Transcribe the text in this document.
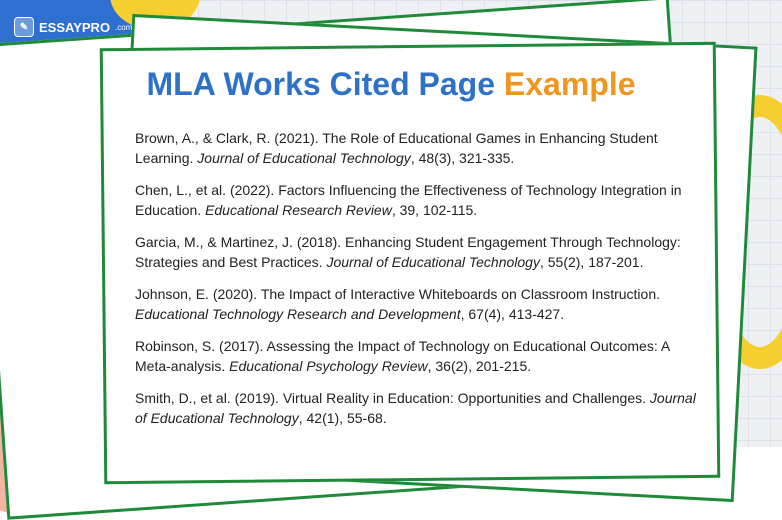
✎ ESSAYPRO .com
MLA Works Cited Page Example

Brown, A., & Clark, R. (2021). The Role of Educational Games in Enhancing Student Learning. Journal of Educational Technology, 48(3), 321-335.

Chen, L., et al. (2022). Factors Influencing the Effectiveness of Technology Integration in Education. Educational Research Review, 39, 102-115.

Garcia, M., & Martinez, J. (2018). Enhancing Student Engagement Through Technology: Strategies and Best Practices. Journal of Educational Technology, 55(2), 187-201.

Johnson, E. (2020). The Impact of Interactive Whiteboards on Classroom Instruction. Educational Technology Research and Development, 67(4), 413-427.

Robinson, S. (2017). Assessing the Impact of Technology on Educational Outcomes: A Meta-analysis. Educational Psychology Review, 36(2), 201-215.

Smith, D., et al. (2019). Virtual Reality in Education: Opportunities and Challenges. Journal of Educational Technology, 42(1), 55-68.
